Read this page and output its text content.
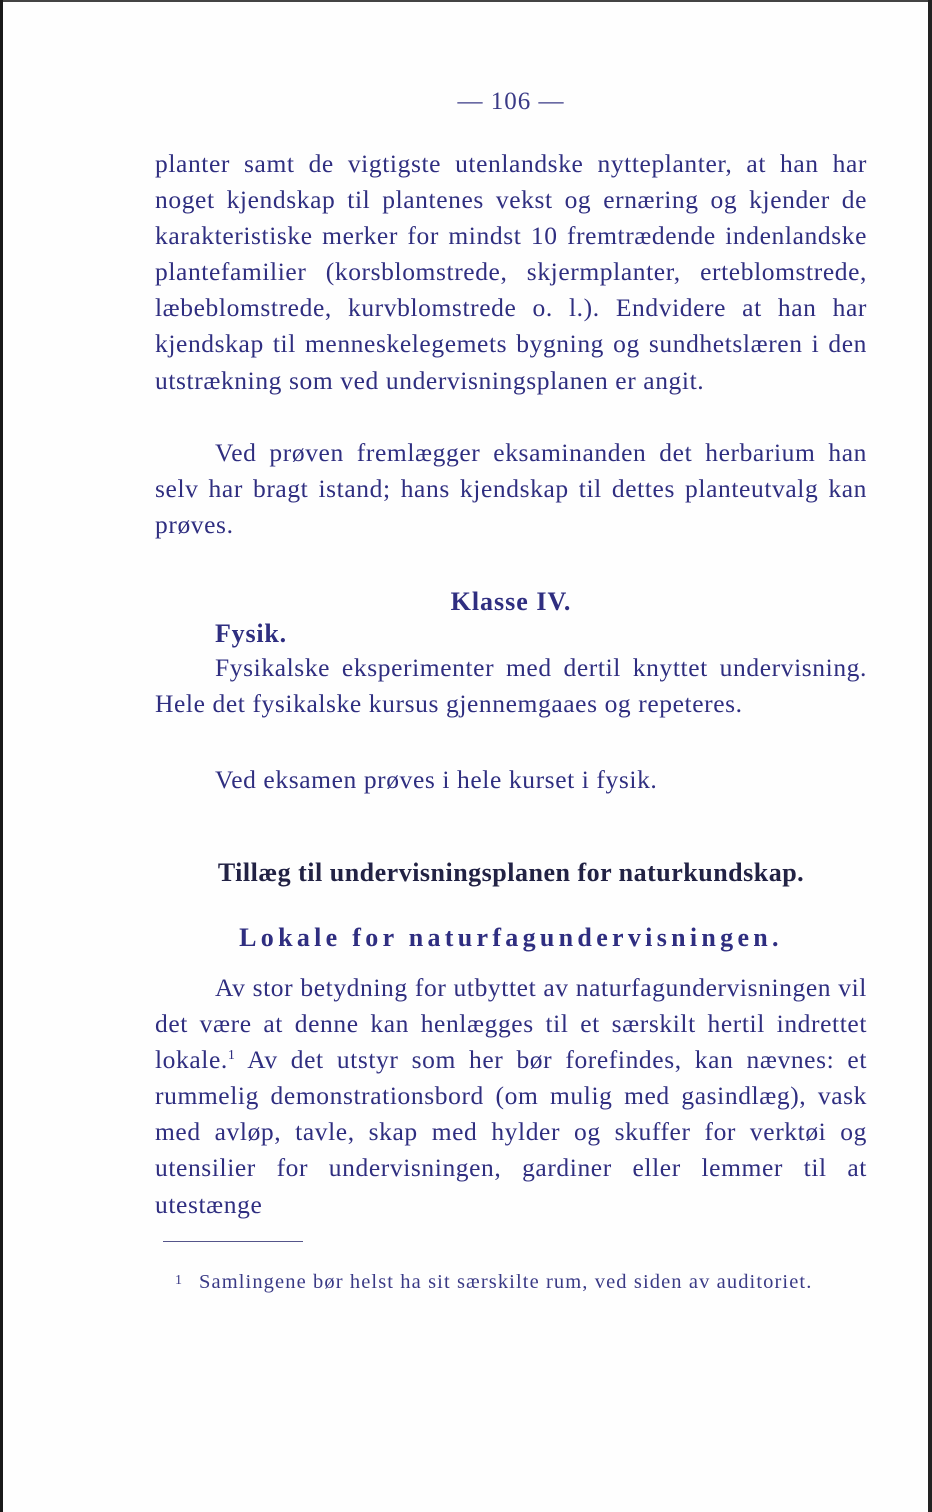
— 106 —

planter samt de vigtigste utenlandske nytteplanter, at han har noget kjendskap til plantenes vekst og ernæring og kjender de karakteristiske merker for mindst 10 fremtrædende indenlandske plantefamilier (korsblomstrede, skjermplanter, erteblomstrede, læbeblomstrede, kurvblomstrede o. l.). Endvidere at han har kjendskap til menneskelegemets bygning og sundhetslæren i den utstrækning som ved undervisningsplanen er angit.

Ved prøven fremlægger eksaminanden det herbarium han selv har bragt istand; hans kjendskap til dettes planteutvalg kan prøves.

Klasse IV.
Fysik.

Fysikalske eksperimenter med dertil knyttet undervisning. Hele det fysikalske kursus gjennemgaaes og repeteres.

Ved eksamen prøves i hele kurset i fysik.

Tillæg til undervisningsplanen for naturkundskap.
Lokale for naturfagundervisningen.

Av stor betydning for utbyttet av naturfagundervisningen vil det være at denne kan henlægges til et særskilt hertil indrettet lokale.$^1$ Av det utstyr som her bør forefindes, kan nævnes: et rummelig demonstrationsbord (om mulig med gasindlæg), vask med avløp, tavle, skap med hylder og skuffer for verktøi og utensilier for undervisningen, gardiner eller lemmer til at utestænge

1 Samlingene bør helst ha sit særskilte rum, ved siden av auditoriet.
